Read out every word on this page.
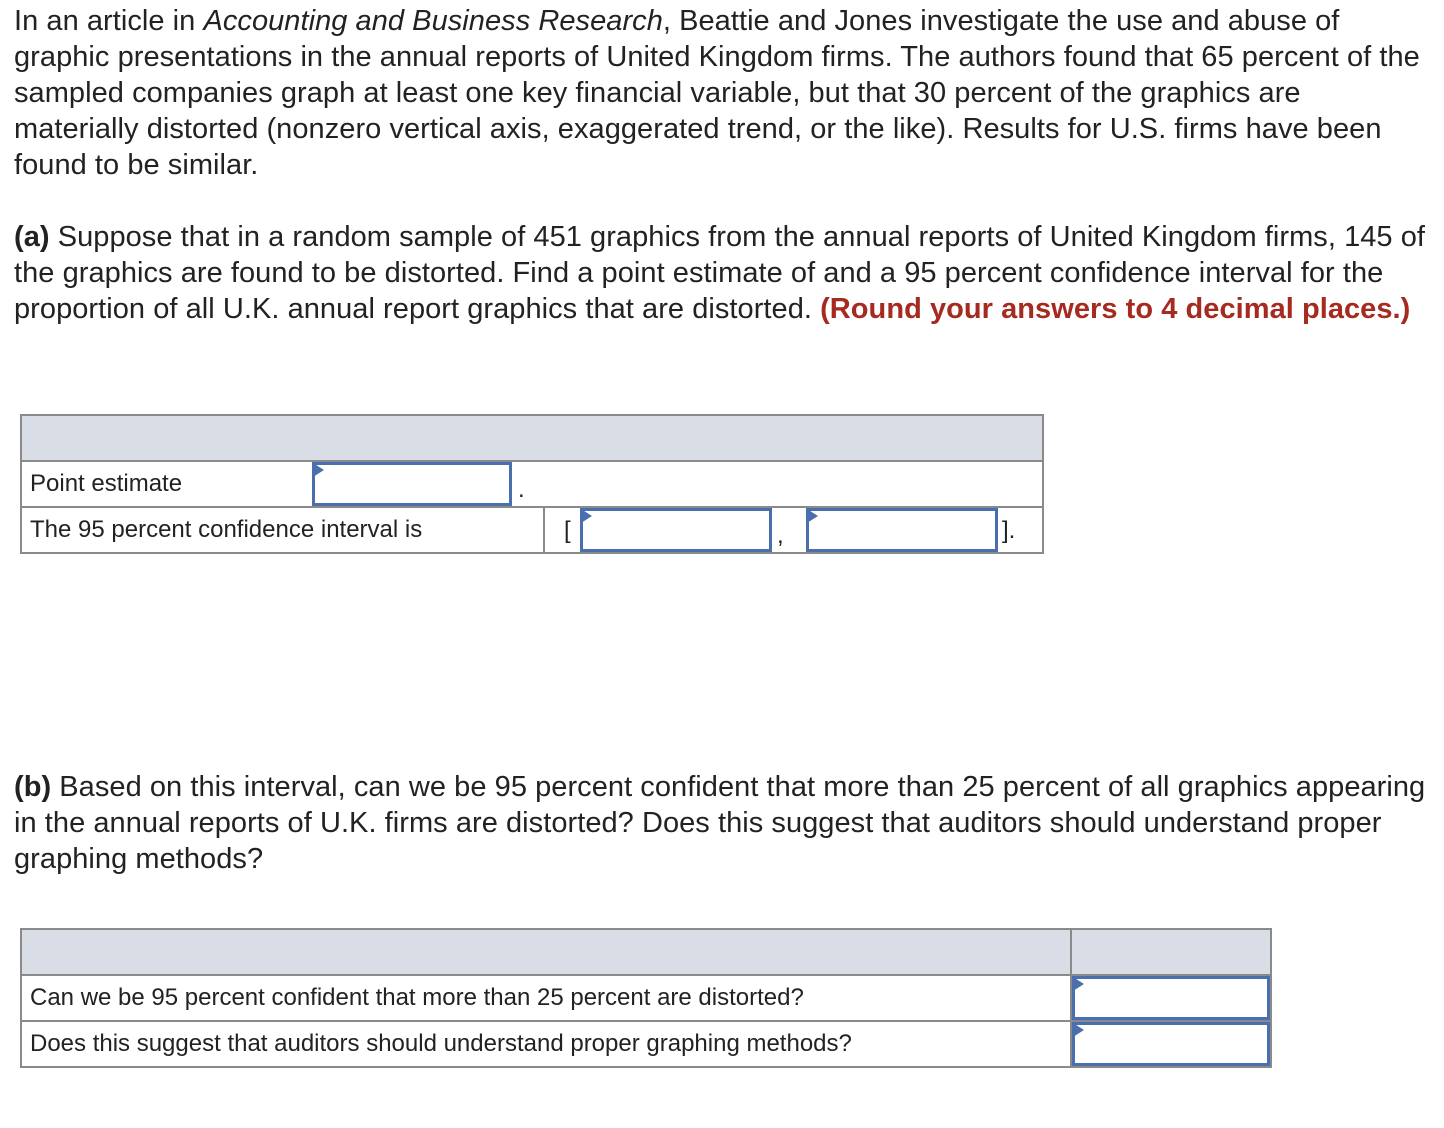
In an article in Accounting and Business Research, Beattie and Jones investigate the use and abuse of graphic presentations in the annual reports of United Kingdom firms. The authors found that 65 percent of the sampled companies graph at least one key financial variable, but that 30 percent of the graphics are materially distorted (nonzero vertical axis, exaggerated trend, or the like). Results for U.S. firms have been found to be similar.
(a) Suppose that in a random sample of 451 graphics from the annual reports of United Kingdom firms, 145 of the graphics are found to be distorted. Find a point estimate of and a 95 percent confidence interval for the proportion of all U.K. annual report graphics that are distorted. (Round your answers to 4 decimal places.)
Point estimate	.
The 95 percent confidence interval is	[	,	].
(b) Based on this interval, can we be 95 percent confident that more than 25 percent of all graphics appearing in the annual reports of U.K. firms are distorted? Does this suggest that auditors should understand proper graphing methods?
Can we be 95 percent confident that more than 25 percent are distorted?
Does this suggest that auditors should understand proper graphing methods?
